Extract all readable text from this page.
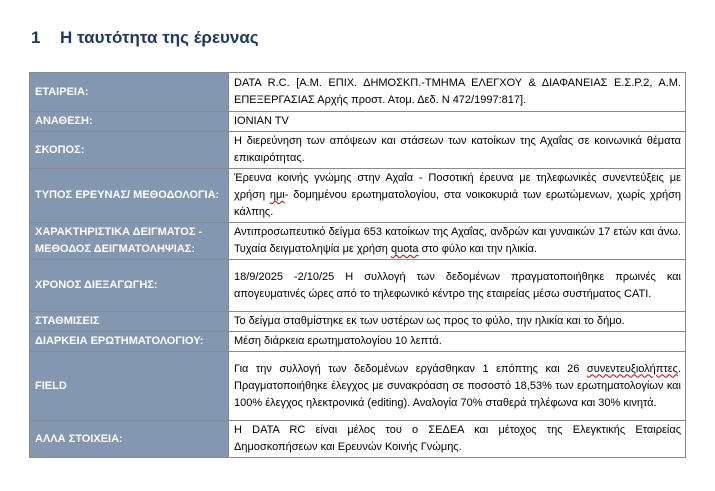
1 Η ταυτότητα της έρευνας
ΕΤΑΙΡΕΙΑ:	DATA R.C. [Α.Μ. ΕΠΙΧ. ΔΗΜΟΣΚΠ.-ΤΜΗΜΑ ΕΛΕΓΧΟΥ & ΔΙΑΦΑΝΕΙΑΣ Ε.Σ.Ρ.2, Α.Μ. ΕΠΕΞΕΡΓΑΣΙΑΣ Αρχής προστ. Ατομ. Δεδ. Ν 472/1997:817].
ΑΝΑΘΕΣΗ:	IONIAN TV
ΣΚΟΠΟΣ:	Η διερεύνηση των απόψεων και στάσεων των κατοίκων της Αχαΐας σε κοινωνικά θέματα επικαιρότητας.
ΤΥΠΟΣ ΕΡΕΥΝΑΣ/ ΜΕΘΟΔΟΛΟΓΙΑ:	Έρευνα κοινής γνώμης στην Αχαΐα - Ποσοτική έρευνα με τηλεφωνικές συνεντεύξεις με χρήση ημι- δομημένου ερωτηματολογίου, στα νοικοκυριά των ερωτώμενων, χωρίς χρήση κάλπης.
ΧΑΡΑΚΤΗΡΙΣΤΙΚΑ ΔΕΙΓΜΑΤΟΣ - ΜΕΘΟΔΟΣ ΔΕΙΓΜΑΤΟΛΗΨΙΑΣ:	Αντιπροσωπευτικό δείγμα 653 κατοίκων της Αχαΐας, ανδρών και γυναικών 17 ετών και άνω. Τυχαία δειγματοληψία με χρήση quota στο φύλο και την ηλικία.
ΧΡΟΝΟΣ ΔΙΕΞΑΓΩΓΗΣ:	18/9/2025 -2/10/25 Η συλλογή των δεδομένων πραγματοποιήθηκε πρωινές και απογευματινές ώρες από το τηλεφωνικό κέντρο της εταιρείας μέσω συστήματος CATI.
ΣΤΑΘΜΙΣΕΙΣ	Το δείγμα σταθμίστηκε εκ των υστέρων ως προς το φύλο, την ηλικία και το δήμο.
ΔΙΑΡΚΕΙΑ ΕΡΩΤΗΜΑΤΟΛΟΓΙΟΥ:	Μέση διάρκεια ερωτηματολογίου 10 λεπτά.
FIELD	Για την συλλογή των δεδομένων εργάσθηκαν 1 επόπτης και 26 συνεντευξιολήπτες. Πραγματοποιήθηκε έλεγχος με συνακρόαση σε ποσοστό 18,53% των ερωτηματολογίων και 100% έλεγχος ηλεκτρονικά (editing). Αναλογία 70% σταθερά τηλέφωνα και 30% κινητά.
ΑΛΛΑ ΣΤΟΙΧΕΙΑ:	Η DATA RC είναι μέλος του ο ΣΕΔΕΑ και μέτοχος της Ελεγκτικής Εταιρείας Δημοσκοπήσεων και Ερευνών Κοινής Γνώμης.
